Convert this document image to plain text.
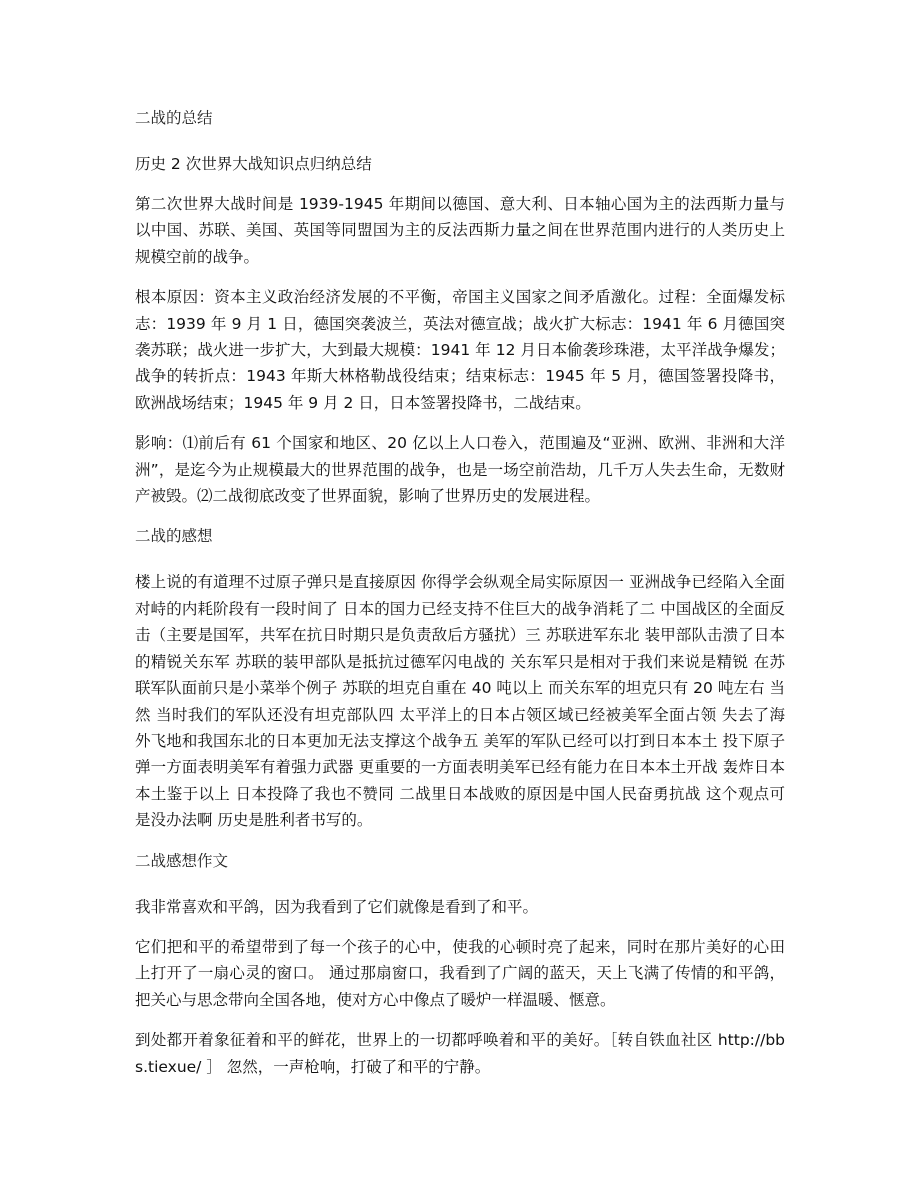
二战的总结

历史 2 次世界大战知识点归纳总结

第二次世界大战时间是 1939-1945 年期间以德国、意大利、日本轴心国为主的法西斯力量与以中国、苏联、美国、英国等同盟国为主的反法西斯力量之间在世界范围内进行的人类历史上规模空前的战争。

根本原因：资本主义政治经济发展的不平衡，帝国主义国家之间矛盾激化。过程：全面爆发标志：1939 年 9 月 1 日，德国突袭波兰，英法对德宣战；战火扩大标志：1941 年 6 月德国突袭苏联；战火进一步扩大，大到最大规模：1941 年 12 月日本偷袭珍珠港，太平洋战争爆发；战争的转折点：1943 年斯大林格勒战役结束；结束标志：1945 年 5 月，德国签署投降书，欧洲战场结束；1945 年 9 月 2 日，日本签署投降书，二战结束。

影响：⑴前后有 61 个国家和地区、20 亿以上人口卷入，范围遍及“亚洲、欧洲、非洲和大洋洲”，是迄今为止规模最大的世界范围的战争，也是一场空前浩劫，几千万人失去生命，无数财产被毁。⑵二战彻底改变了世界面貌，影响了世界历史的发展进程。

二战的感想

楼上说的有道理不过原子弹只是直接原因 你得学会纵观全局实际原因一 亚洲战争已经陷入全面对峙的内耗阶段有一段时间了 日本的国力已经支持不住巨大的战争消耗了二 中国战区的全面反击（主要是国军，共军在抗日时期只是负责敌后方骚扰）三 苏联进军东北 装甲部队击溃了日本的精锐关东军 苏联的装甲部队是抵抗过德军闪电战的 关东军只是相对于我们来说是精锐 在苏联军队面前只是小菜举个例子 苏联的坦克自重在 40 吨以上 而关东军的坦克只有 20 吨左右 当然 当时我们的军队还没有坦克部队四 太平洋上的日本占领区域已经被美军全面占领 失去了海外飞地和我国东北的日本更加无法支撑这个战争五 美军的军队已经可以打到日本本土 投下原子弹一方面表明美军有着强力武器 更重要的一方面表明美军已经有能力在日本本土开战 轰炸日本本土鉴于以上 日本投降了我也不赞同 二战里日本战败的原因是中国人民奋勇抗战 这个观点可是没办法啊 历史是胜利者书写的。

二战感想作文

我非常喜欢和平鸽，因为我看到了它们就像是看到了和平。

它们把和平的希望带到了每一个孩子的心中，使我的心顿时亮了起来，同时在那片美好的心田上打开了一扇心灵的窗口。 通过那扇窗口，我看到了广阔的蓝天，天上飞满了传情的和平鸽，把关心与思念带向全国各地，使对方心中像点了暖炉一样温暖、惬意。

到处都开着象征着和平的鲜花，世界上的一切都呼唤着和平的美好。［转自铁血社区 http://bbs.tiexue/ ］ 忽然，一声枪响，打破了和平的宁静。
